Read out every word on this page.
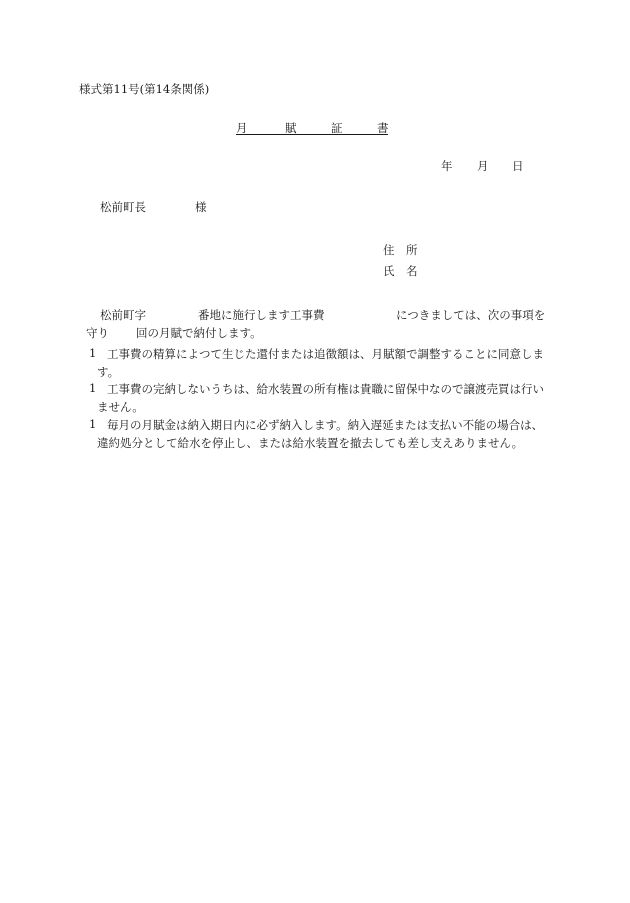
様式第11号(第14条関係)
月	賦	証	書
年 月 日
松前町長	様
住 所
氏 名
松前町字	番地に施行します工事費	につきましては、次の事項を
守り 回の月賦で納付します。
1 工事費の精算によつて生じた還付または追徴額は、月賦額で調整することに同意しま
す。
1 工事費の完納しないうちは、給水装置の所有権は貴職に留保中なので譲渡売買は行い
ません。
1 毎月の月賦金は納入期日内に必ず納入します。納入遅延または支払い不能の場合は、
違約処分として給水を停止し、または給水装置を撤去しても差し支えありません。
